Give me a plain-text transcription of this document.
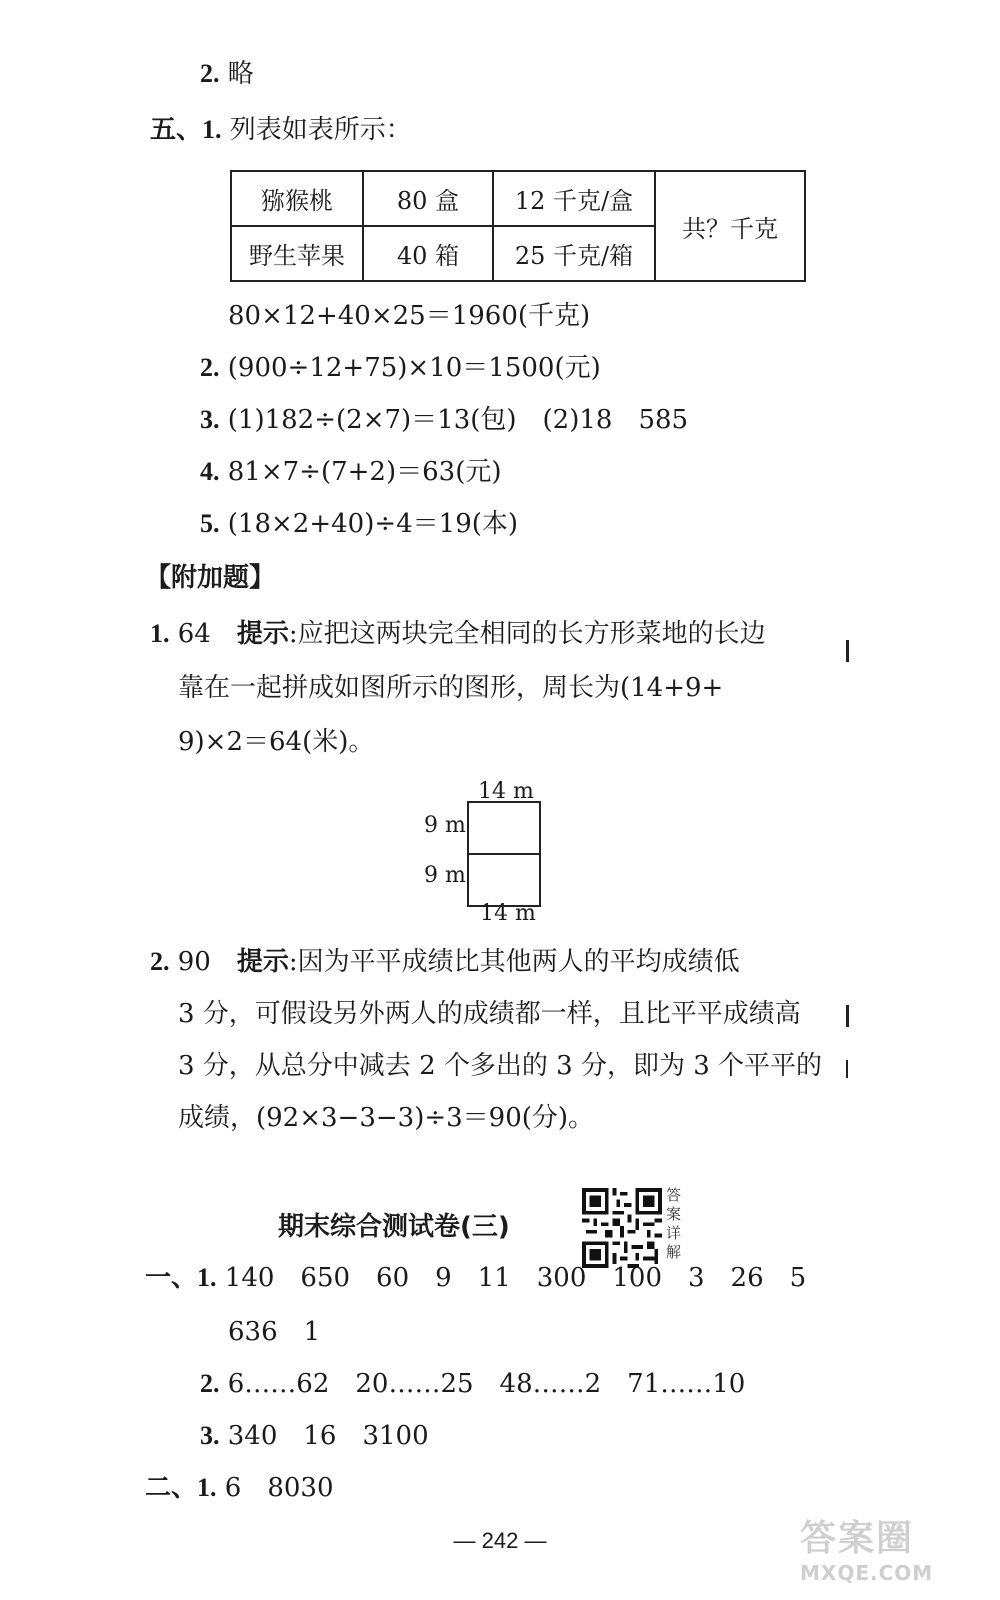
2. 略
五、1. 列表如表所示：
猕猴桃	80 盒	12 千克/盒	共？千克
野生苹果	40 箱	25 千克/箱	
80×12+40×25＝1960(千克)
2. (900÷12+75)×10＝1500(元)
3. (1)182÷(2×7)＝13(包)　(2)18　585
4. 81×7÷(7+2)＝63(元)
5. (18×2+40)÷4＝19(本)
【附加题】
1. 64　提示:应把这两块完全相同的长方形菜地的长边
靠在一起拼成如图所示的图形，周长为(14+9+
9)×2＝64(米)。
14 m
9 m
9 m
14 m
2. 90　提示:因为平平成绩比其他两人的平均成绩低
3 分，可假设另外两人的成绩都一样，且比平平成绩高
3 分，从总分中减去 2 个多出的 3 分，即为 3 个平平的
成绩，(92×3−3−3)÷3＝90(分)。
期末综合测试卷(三)
答案详解
一、1. 140　650　60　9　11　300　100　3　26　5
636　1
2. 6……62　20……25　48……2　71……10
3. 340　16　3100
二、1. 6　8030
— 242 —	答案圈
MXQE.COM
